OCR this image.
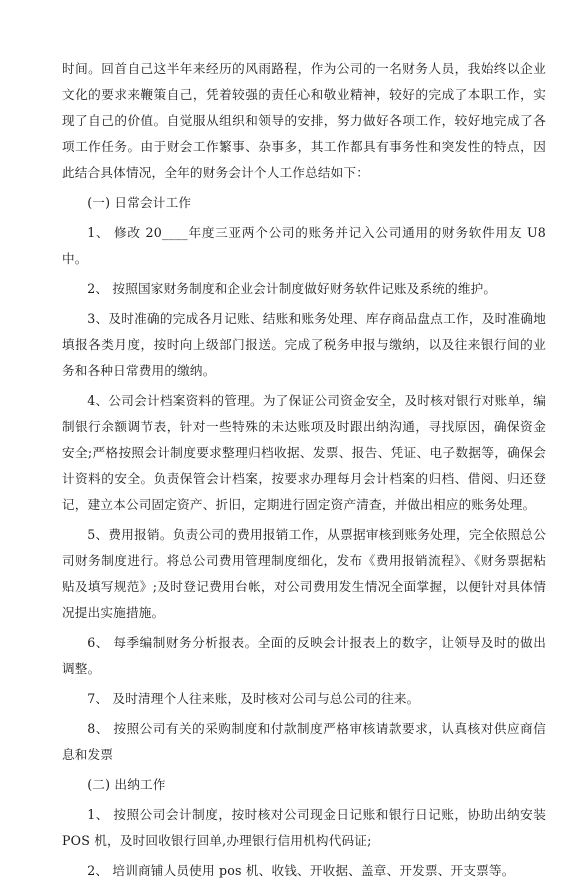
时间。回首自己这半年来经历的风雨路程，作为公司的一名财务人员，我始终以企业文化的要求来鞭策自己，凭着较强的责任心和敬业精神，较好的完成了本职工作，实现了自己的价值。自觉服从组织和领导的安排，努力做好各项工作，较好地完成了各项工作任务。由于财会工作繁事、杂事多，其工作都具有事务性和突发性的特点，因此结合具体情况，全年的财务会计个人工作总结如下：

(一) 日常会计工作

1、 修改 20____年度三亚两个公司的账务并记入公司通用的财务软件用友 U8 中。

2、 按照国家财务制度和企业会计制度做好财务软件记账及系统的维护。

3、及时准确的完成各月记账、结账和账务处理、库存商品盘点工作，及时准确地填报各类月度，按时向上级部门报送。完成了税务申报与缴纳，以及往来银行间的业务和各种日常费用的缴纳。

4、公司会计档案资料的管理。为了保证公司资金安全，及时核对银行对账单，编制银行余额调节表，针对一些特殊的未达账项及时跟出纳沟通，寻找原因，确保资金安全;严格按照会计制度要求整理归档收据、发票、报告、凭证、电子数据等，确保会计资料的安全。负责保管会计档案，按要求办理每月会计档案的归档、借阅、归还登记，建立本公司固定资产、折旧，定期进行固定资产清查，并做出相应的账务处理。

5、费用报销。负责公司的费用报销工作，从票据审核到账务处理，完全依照总公司财务制度进行。将总公司费用管理制度细化，发布《费用报销流程》、《财务票据粘贴及填写规范》;及时登记费用台帐，对公司费用发生情况全面掌握，以便针对具体情况提出实施措施。

6、 每季编制财务分析报表。全面的反映会计报表上的数字，让领导及时的做出调整。

7、 及时清理个人往来账，及时核对公司与总公司的往来。

8、 按照公司有关的采购制度和付款制度严格审核请款要求，认真核对供应商信息和发票

(二) 出纳工作

1、 按照公司会计制度，按时核对公司现金日记账和银行日记账，协助出纳安装 POS 机，及时回收银行回单,办理银行信用机构代码证;

2、 培训商铺人员使用 pos 机、收钱、开收据、盖章、开发票、开支票等。
